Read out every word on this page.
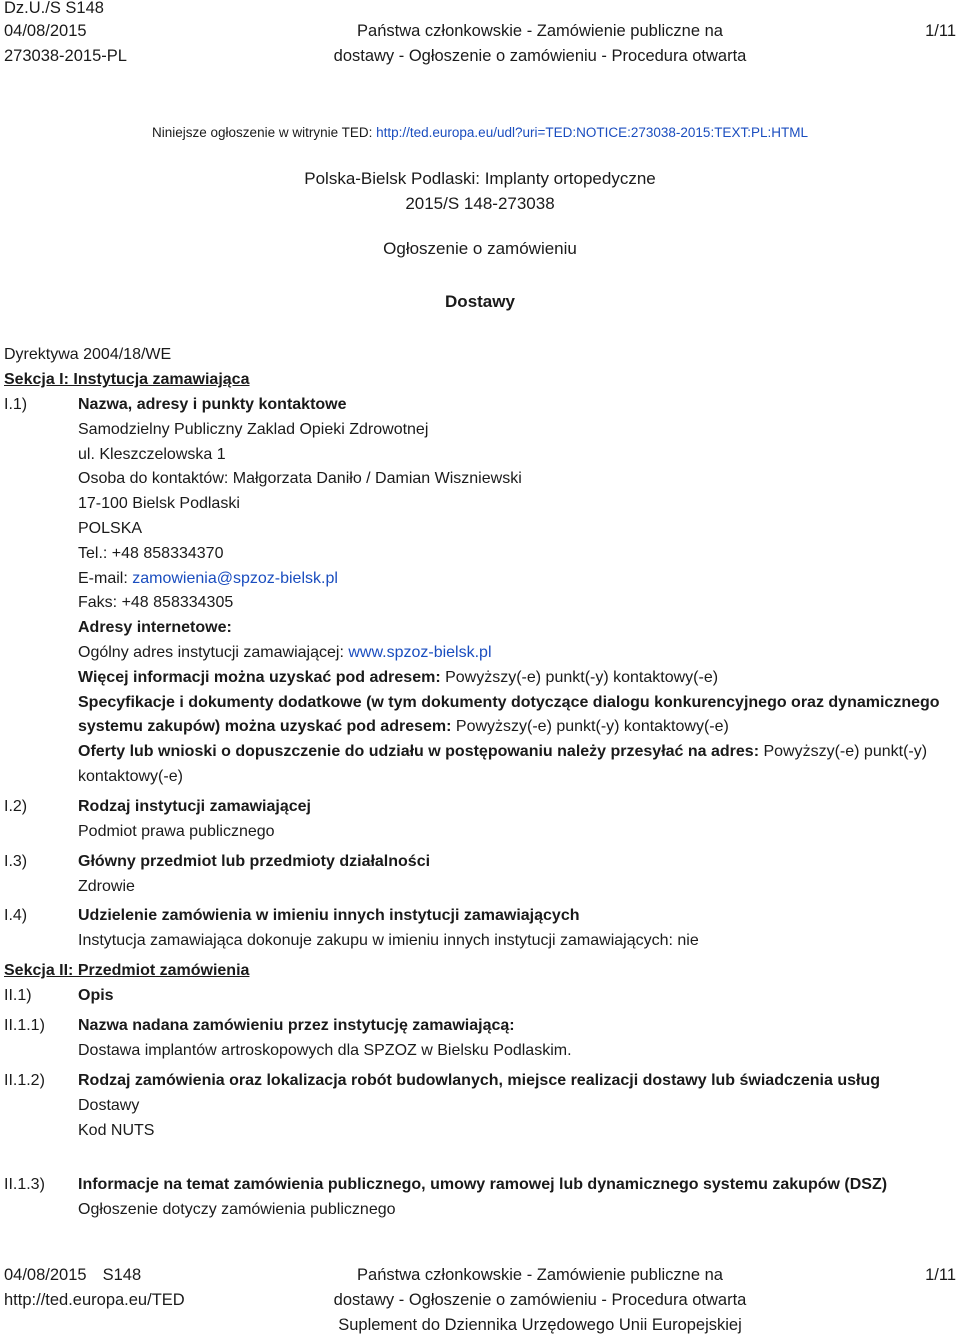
Dz.U./S S148
04/08/2015
273038-2015-PL
Państwa członkowskie - Zamówienie publiczne na
dostawy - Ogłoszenie o zamówieniu - Procedura otwarta
1/11
Niniejsze ogłoszenie w witrynie TED: http://ted.europa.eu/udl?uri=TED:NOTICE:273038-2015:TEXT:PL:HTML
Polska-Bielsk Podlaski: Implanty ortopedyczne
2015/S 148-273038
Ogłoszenie o zamówieniu
Dostawy
Dyrektywa 2004/18/WE
Sekcja I: Instytucja zamawiająca
I.1)	Nazwa, adresy i punkty kontaktowe
Samodzielny Publiczny Zaklad Opieki Zdrowotnej
ul. Kleszczelowska 1
Osoba do kontaktów: Małgorzata Daniło / Damian Wiszniewski
17-100 Bielsk Podlaski
POLSKA
Tel.: +48 858334370
E-mail: zamowienia@spzoz-bielsk.pl
Faks: +48 858334305
Adresy internetowe:
Ogólny adres instytucji zamawiającej: www.spzoz-bielsk.pl
Więcej informacji można uzyskać pod adresem: Powyższy(-e) punkt(-y) kontaktowy(-e)
Specyfikacje i dokumenty dodatkowe (w tym dokumenty dotyczące dialogu konkurencyjnego oraz dynamicznego systemu zakupów) można uzyskać pod adresem: Powyższy(-e) punkt(-y) kontaktowy(-e)
Oferty lub wnioski o dopuszczenie do udziału w postępowaniu należy przesyłać na adres: Powyższy(-e) punkt(-y) kontaktowy(-e)
I.2)	Rodzaj instytucji zamawiającej
Podmiot prawa publicznego
I.3)	Główny przedmiot lub przedmioty działalności
Zdrowie
I.4)	Udzielenie zamówienia w imieniu innych instytucji zamawiających
Instytucja zamawiająca dokonuje zakupu w imieniu innych instytucji zamawiających: nie
Sekcja II: Przedmiot zamówienia
II.1)	Opis
II.1.1) Nazwa nadana zamówieniu przez instytucję zamawiającą:
Dostawa implantów artroskopowych dla SPZOZ w Bielsku Podlaskim.
II.1.2) Rodzaj zamówienia oraz lokalizacja robót budowlanych, miejsce realizacji dostawy lub świadczenia usług
Dostawy
Kod NUTS
II.1.3) Informacje na temat zamówienia publicznego, umowy ramowej lub dynamicznego systemu zakupów (DSZ)
Ogłoszenie dotyczy zamówienia publicznego
04/08/2015 S148
http://ted.europa.eu/TED
Państwa członkowskie - Zamówienie publiczne na
dostawy - Ogłoszenie o zamówieniu - Procedura otwarta
Suplement do Dziennika Urzędowego Unii Europejskiej
1/11
